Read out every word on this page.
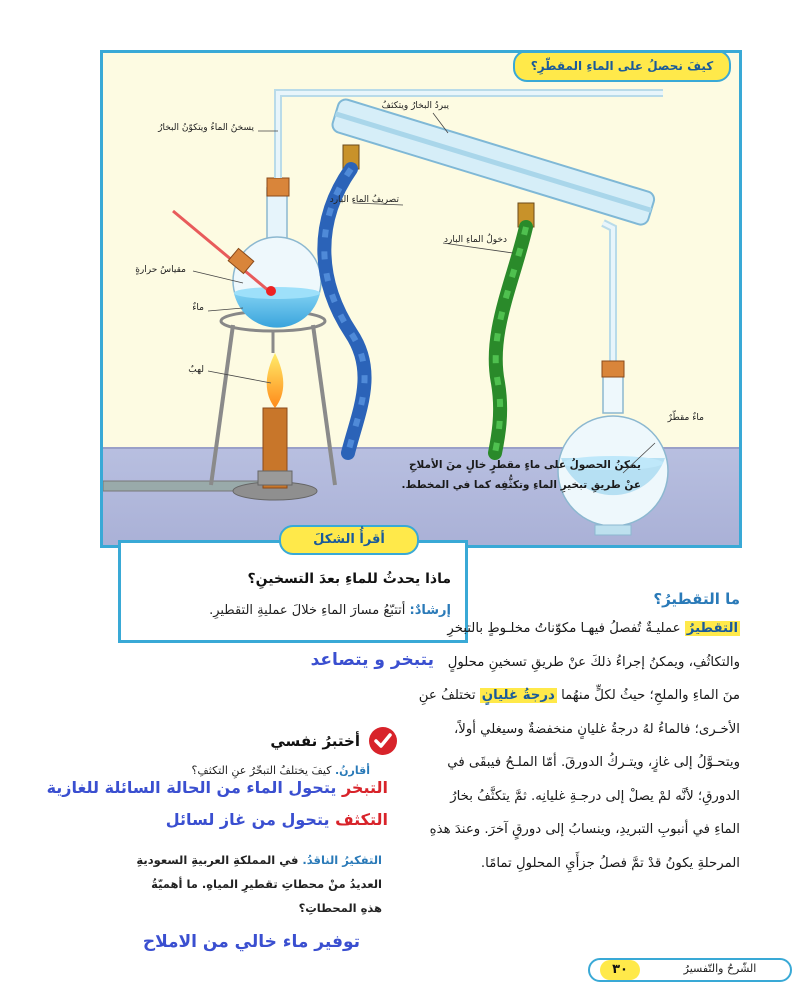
كيفَ نحصلُ على الماءِ المقطّرِ؟
يسخنُ الماءُ ويتكوّنُ البخارُ
يبردُ البخارُ ويتكثفُ
تصريفُ الماءِ البارد
دخولُ الماءِ البارد
مقياسُ حرارةٍ
ماءٌ
لهبٌ
ماءٌ مقطّرٌ
يمكنُ الحصولُ على ماءٍ مقطرٍ خالٍ منَ الأملاحِ
عنْ طريقِ تبخيرِ الماءِ وتكثُّفِه كما في المخطط.
أقرأُ الشكلَ
ماذا يحدثُ للماءِ بعدَ التسخينِ؟
إرشادٌ: أتتبّعُ مسارَ الماءِ خلالَ عمليةِ التقطيرِ.
يتبخر و يتصاعد
ما التقطيرُ؟
التقطيرُ عمليـةٌ تُفصلُ فيهـا مكوّناتُ مخلـوطٍ بالتبخرِ
والتكاثُفِ، ويمكنُ إجراءُ ذلكَ عنْ طريقِ تسخينِ محلولٍ
منَ الماءِ والملحِ؛ حيثُ لكلٍّ منهُما درجةُ غليانٍ تختلفُ عنِ
الأخـرى؛ فالماءُ لهُ درجةُ غليانٍ منخفضةٌ وسيغلي أولاً،
ويتحـوَّلُ إلى غازٍ، ويتـركُ الدورقَ. أمّا الملـحُ فيبقَى في
الدورقِ؛ لأنَّه لمْ يصلْ إلى درجـةِ غليانِه. ثمَّ يتكثَّفُ بخارُ
الماءِ في أنبوبِ التبريدِ، وينسابُ إلى دورقٍ آخرَ. وعندَ هذهِ
المرحلةِ يكونُ قدْ تمَّ فصلُ جزأَيِ المحلولِ تمامًا.
أختبرُ نفسي
أقارنُ. كيفَ يختلفُ التبخّرُ عنِ التكثفِ؟
التبخر يتحول الماء من الحالة السائلة للغازية
التكثف يتحول من غاز لسائل
التفكيرُ الناقدُ. في المملكةِ العربيةِ السعوديةِ
العديدُ منْ محطاتِ تقطيرِ المياهِ. ما أهميّةُ
هذهِ المحطاتِ؟
توفير ماء خالي من الاملاح
٣٠	الشّرحُ والتّفسيرُ
